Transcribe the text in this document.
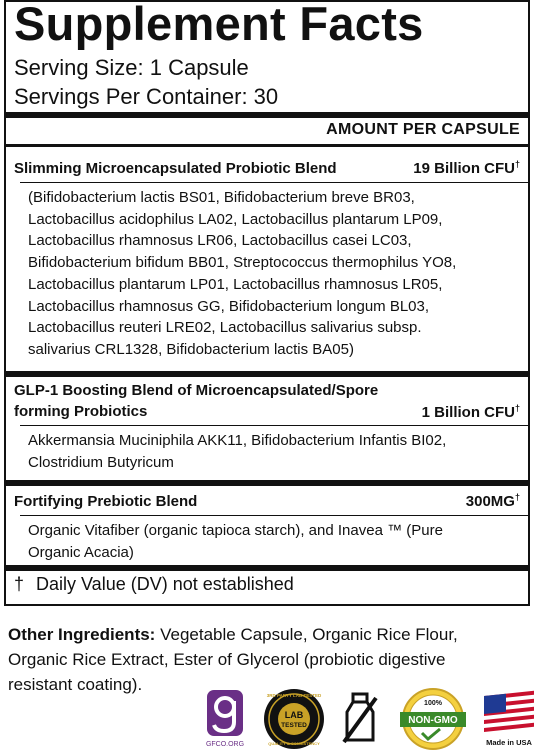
Supplement Facts
Serving Size: 1 Capsule
Servings Per Container: 30
AMOUNT PER CAPSULE
Slimming Microencapsulated Probiotic Blend	19 Billion CFU†
(Bifidobacterium lactis BS01, Bifidobacterium breve BR03,
Lactobacillus acidophilus LA02, Lactobacillus plantarum LP09,
Lactobacillus rhamnosus LR06, Lactobacillus casei LC03,
Bifidobacterium bifidum BB01, Streptococcus thermophilus YO8,
Lactobacillus plantarum LP01, Lactobacillus rhamnosus LR05,
Lactobacillus rhamnosus GG, Bifidobacterium longum BL03,
Lactobacillus reuteri LRE02, Lactobacillus salivarius subsp.
salivarius CRL1328, Bifidobacterium lactis BA05)
GLP-1 Boosting Blend of Microencapsulated/Spore
forming Probiotics	1 Billion CFU†
Akkermansia Muciniphila AKK11, Bifidobacterium Infantis BI02,
Clostridium Butyricum
Fortifying Prebiotic Blend	300MG†
Organic Vitafiber (organic tapioca starch), and Inavea ™ (Pure
Organic Acacia)
† Daily Value (DV) not established
Other Ingredients: Vegetable Capsule, Organic Rice Flour,
Organic Rice Extract, Ester of Glycerol (probiotic digestive
resistant coating).
GFCO.ORG
3RD PARTY LAB TESTED
LAB
TESTED
QUALITY & CONSISTENCY
100%
NON-GMO
Made in USA
